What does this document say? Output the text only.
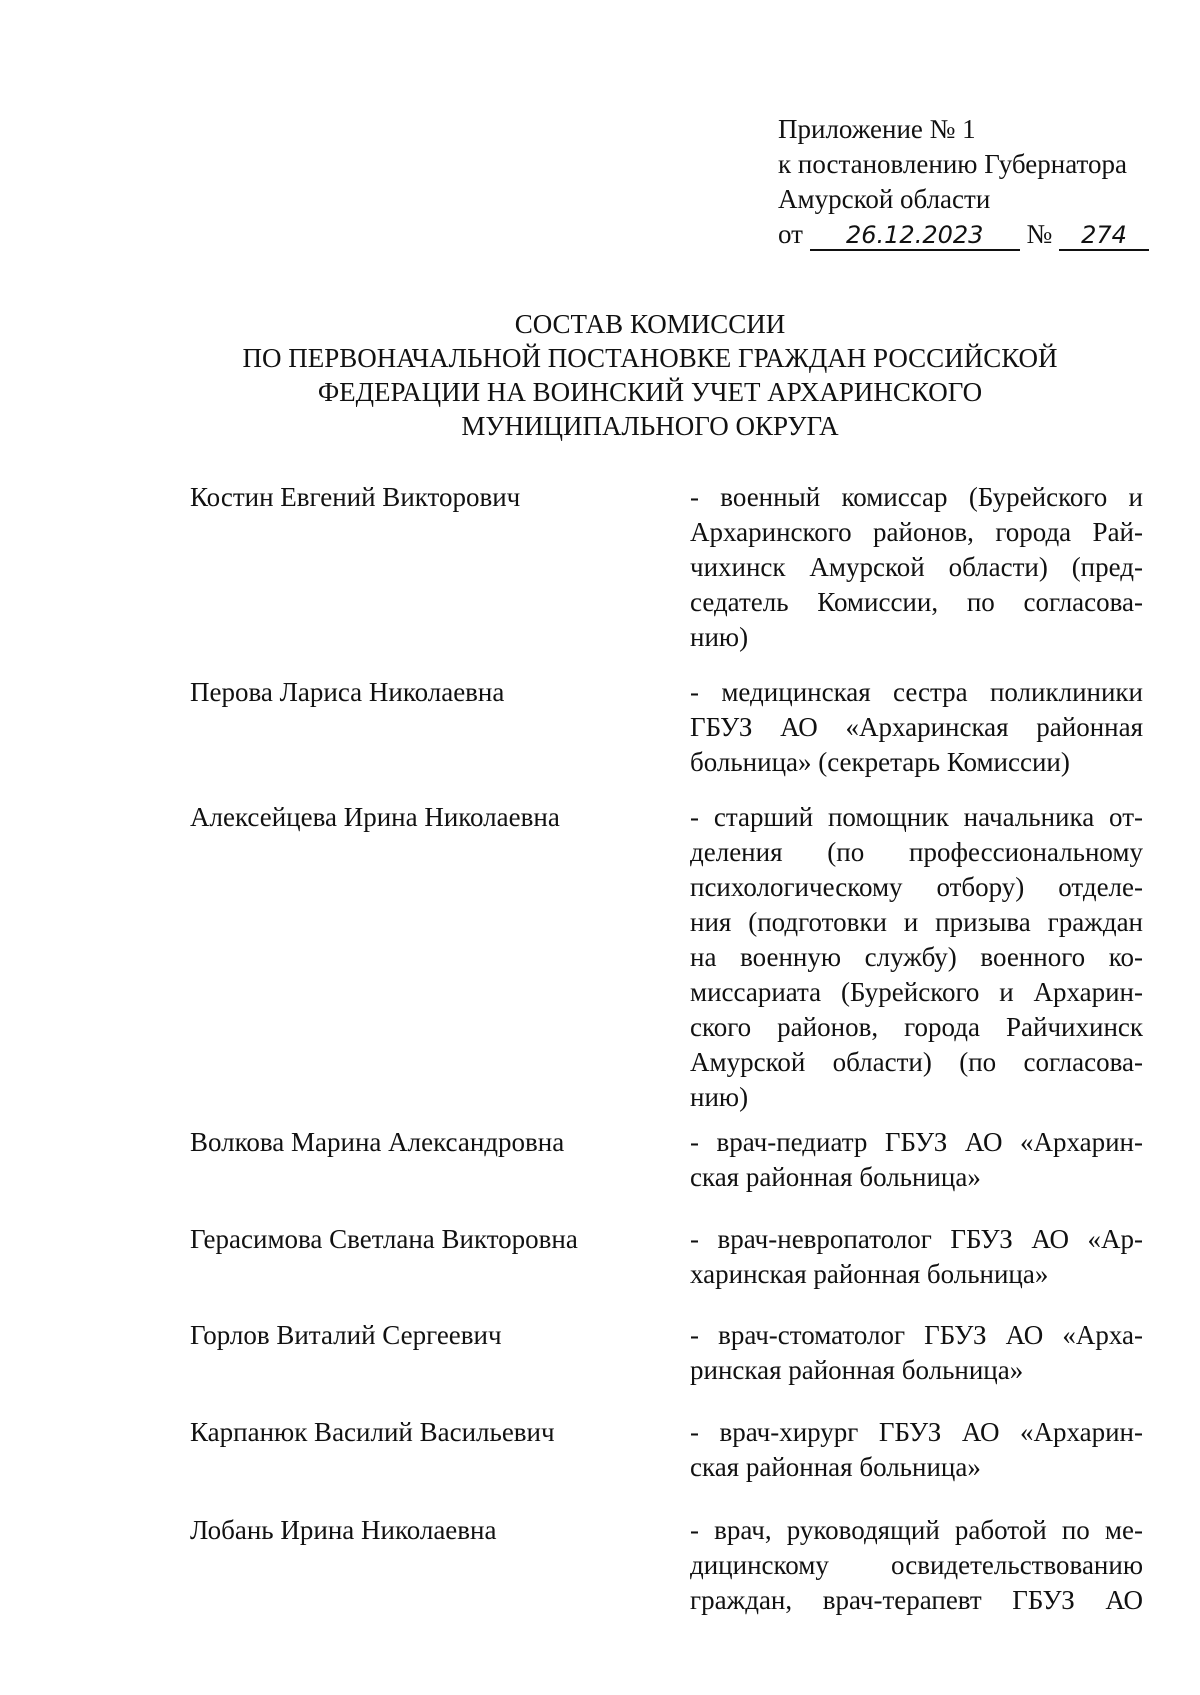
Приложение № 1
к постановлению Губернатора
Амурской области
от 26.12.2023 № 274
СОСТАВ КОМИССИИ
ПО ПЕРВОНАЧАЛЬНОЙ ПОСТАНОВКЕ ГРАЖДАН РОССИЙСКОЙ
ФЕДЕРАЦИИ НА ВОИНСКИЙ УЧЕТ АРХАРИНСКОГО
МУНИЦИПАЛЬНОГО ОКРУГА
Костин Евгений Викторович	- военный комиссар (Бурейского и
Архаринского районов, города Рай-
чихинск Амурской области) (пред-
седатель Комиссии, по согласова-
нию)
Перова Лариса Николаевна	- медицинская сестра поликлиники
ГБУЗ АО «Архаринская районная
больница» (секретарь Комиссии)
Алексейцева Ирина Николаевна	- старший помощник начальника от-
деления (по профессиональному
психологическому отбору) отделе-
ния (подготовки и призыва граждан
на военную службу) военного ко-
миссариата (Бурейского и Архарин-
ского районов, города Райчихинск
Амурской области) (по согласова-
нию)
Волкова Марина Александровна	- врач-педиатр ГБУЗ АО «Архарин-
ская районная больница»
Герасимова Светлана Викторовна	- врач-невропатолог ГБУЗ АО «Ар-
харинская районная больница»
Горлов Виталий Сергеевич	- врач-стоматолог ГБУЗ АО «Арха-
ринская районная больница»
Карпанюк Василий Васильевич	- врач-хирург ГБУЗ АО «Архарин-
ская районная больница»
Лобань Ирина Николаевна	- врач, руководящий работой по ме-
дицинскому освидетельствованию
граждан, врач-терапевт ГБУЗ АО
